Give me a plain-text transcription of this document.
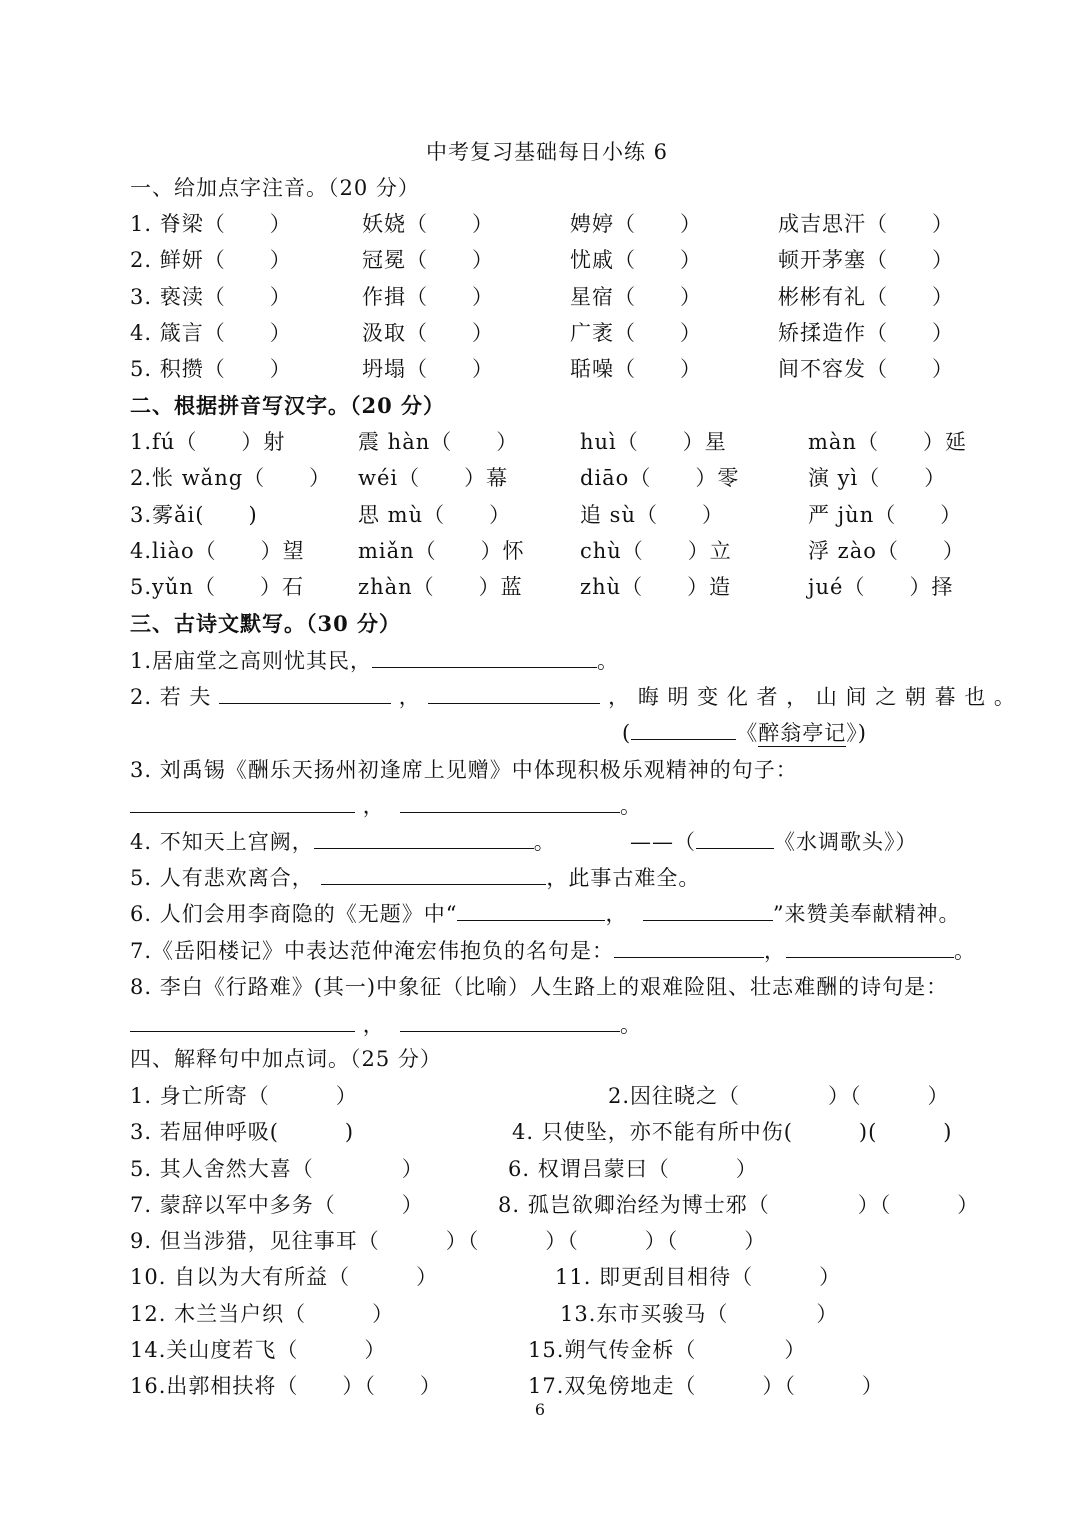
中考复习基础每日小练 6
一、给加点字注音。（20 分）
1. 脊梁（　　）	妖娆（　　）	娉婷（　　）	成吉思汗（　　）
2. 鲜妍（　　）	冠冕（　　）	忧戚（　　）	顿开茅塞（　　）
3. 亵渎（　　）	作揖（　　）	星宿（　　）	彬彬有礼（　　）
4. 箴言（　　）	汲取（　　）	广袤（　　）	矫揉造作（　　）
5. 积攒（　　）	坍塌（　　）	聒噪（　　）	间不容发（　　）
二、根据拼音写汉字。（20 分）
1.fú（　　）射	震 hàn（　　）	huì（　　）星	màn（　　）延
2.怅 wǎng（　　） wéi（　　）幕	diāo（　　）零	演 yì（　　）
3.雾ǎi(　　)	思 mù（　　）	追 sù（　　）	严 jùn（　　）
4.liào（　　）望	miǎn（　　）怀	chù（　　）立	浮 zào（　　）
5.yǔn（　　）石	zhàn（　　）蓝	zhù（　　）造	jué（　　）择
三、古诗文默写。（30 分）
1.居庙堂之高则忧其民，	。
2. 若 夫	，	， 晦 明 变 化 者 ， 山 间 之 朝 暮 也 。
(	《醉翁亭记》)
3. 刘禹锡《酬乐天扬州初逢席上见赠》中体现积极乐观精神的句子：
，	。
4. 不知天上宫阙，	。	——（	《水调歌头》）
5. 人有悲欢离合，	，此事古难全。
6. 人们会用李商隐的《无题》中“	，	”来赞美奉献精神。
7.《岳阳楼记》中表达范仲淹宏伟抱负的名句是：	，	。
8. 李白《行路难》(其一)中象征（比喻）人生路上的艰难险阻、壮志难酬的诗句是：
，	。
四、解释句中加点词。（25 分）
1. 身亡所寄（　　　）	2.因往晓之（　　　　）（　　　）
3. 若屈伸呼吸(　　　)	4. 只使坠，亦不能有所中伤(　　　)(　　　)
5. 其人舍然大喜（　　　　）	6. 权谓吕蒙曰（　　　）
7. 蒙辞以军中多务（　　　）	8. 孤岂欲卿治经为博士邪（　　　　）（　　　）
9. 但当涉猎，见往事耳（　　　）（　　　）（　　　）（　　　）
10. 自以为大有所益（　　　）	11. 即更刮目相待（　　　）
12. 木兰当户织（　　　）	13.东市买骏马（　　　　）
14.关山度若飞（　　　）	15.朔气传金柝（　　　　）
16.出郭相扶将（　　）（　　）	17.双兔傍地走（　　　）（　　　）
6
